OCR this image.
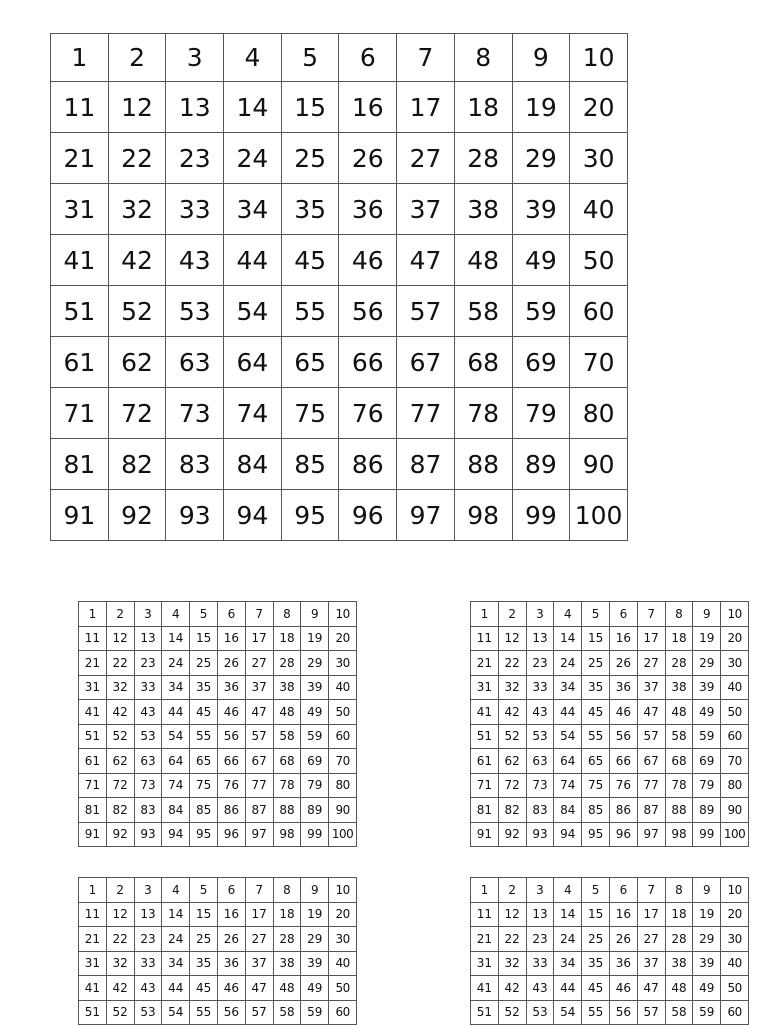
1	2	3	4	5	6	7	8	9	10
11	12	13	14	15	16	17	18	19	20
21	22	23	24	25	26	27	28	29	30
31	32	33	34	35	36	37	38	39	40
41	42	43	44	45	46	47	48	49	50
51	52	53	54	55	56	57	58	59	60
61	62	63	64	65	66	67	68	69	70
71	72	73	74	75	76	77	78	79	80
81	82	83	84	85	86	87	88	89	90
91	92	93	94	95	96	97	98	99	100
1	2	3	4	5	6	7	8	9	10
11	12	13	14	15	16	17	18	19	20
21	22	23	24	25	26	27	28	29	30
31	32	33	34	35	36	37	38	39	40
41	42	43	44	45	46	47	48	49	50
51	52	53	54	55	56	57	58	59	60
61	62	63	64	65	66	67	68	69	70
71	72	73	74	75	76	77	78	79	80
81	82	83	84	85	86	87	88	89	90
91	92	93	94	95	96	97	98	99	100
1	2	3	4	5	6	7	8	9	10
11	12	13	14	15	16	17	18	19	20
21	22	23	24	25	26	27	28	29	30
31	32	33	34	35	36	37	38	39	40
41	42	43	44	45	46	47	48	49	50
51	52	53	54	55	56	57	58	59	60
61	62	63	64	65	66	67	68	69	70
71	72	73	74	75	76	77	78	79	80
81	82	83	84	85	86	87	88	89	90
91	92	93	94	95	96	97	98	99	100
1	2	3	4	5	6	7	8	9	10
11	12	13	14	15	16	17	18	19	20
21	22	23	24	25	26	27	28	29	30
31	32	33	34	35	36	37	38	39	40
41	42	43	44	45	46	47	48	49	50
51	52	53	54	55	56	57	58	59	60
1	2	3	4	5	6	7	8	9	10
11	12	13	14	15	16	17	18	19	20
21	22	23	24	25	26	27	28	29	30
31	32	33	34	35	36	37	38	39	40
41	42	43	44	45	46	47	48	49	50
51	52	53	54	55	56	57	58	59	60
